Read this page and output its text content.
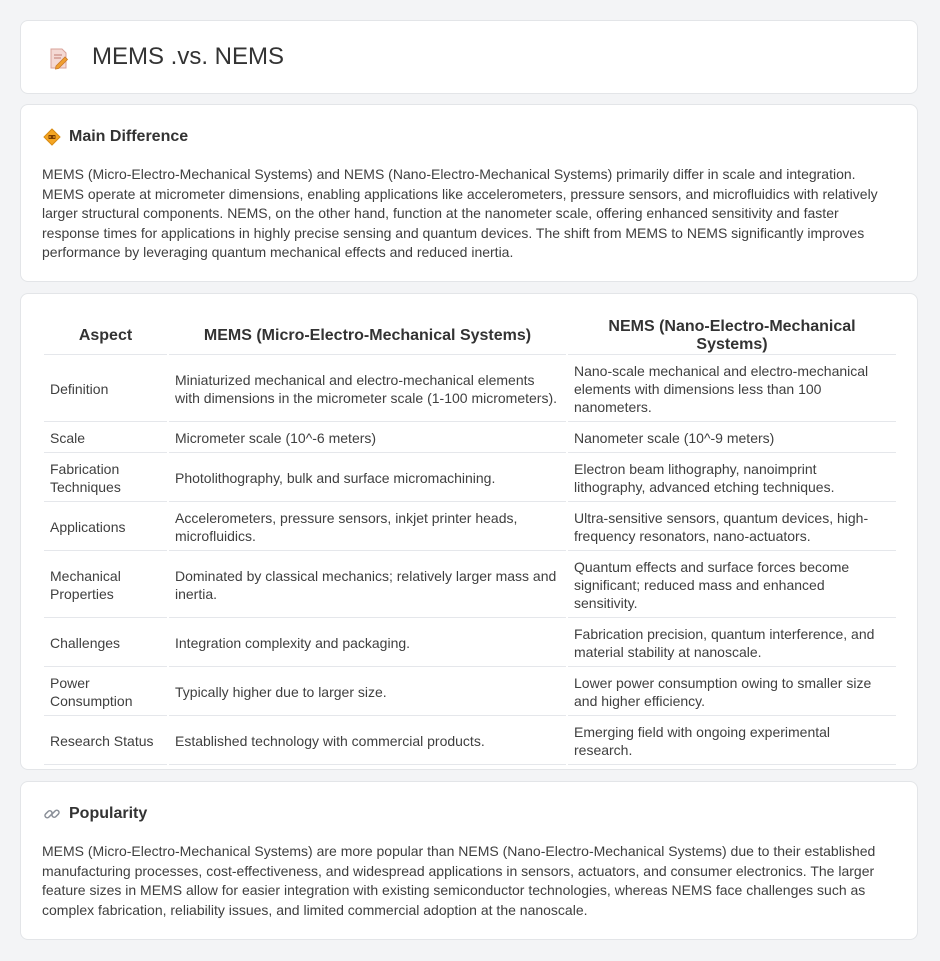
MEMS .vs. NEMS
Main Difference

MEMS (Micro-Electro-Mechanical Systems) and NEMS (Nano-Electro-Mechanical Systems) primarily differ in scale and integration. MEMS operate at micrometer dimensions, enabling applications like accelerometers, pressure sensors, and microfluidics with relatively larger structural components. NEMS, on the other hand, function at the nanometer scale, offering enhanced sensitivity and faster response times for applications in highly precise sensing and quantum devices. The shift from MEMS to NEMS significantly improves performance by leveraging quantum mechanical effects and reduced inertia.

Aspect	MEMS (Micro-Electro-Mechanical Systems)	NEMS (Nano-Electro-Mechanical Systems)
Definition	Miniaturized mechanical and electro-mechanical elements with dimensions in the micrometer scale (1-100 micrometers).	Nano-scale mechanical and electro-mechanical elements with dimensions less than 100 nanometers.
Scale	Micrometer scale (10^-6 meters)	Nanometer scale (10^-9 meters)
Fabrication Techniques	Photolithography, bulk and surface micromachining.	Electron beam lithography, nanoimprint lithography, advanced etching techniques.
Applications	Accelerometers, pressure sensors, inkjet printer heads, microfluidics.	Ultra-sensitive sensors, quantum devices, high-frequency resonators, nano-actuators.
Mechanical Properties	Dominated by classical mechanics; relatively larger mass and inertia.	Quantum effects and surface forces become significant; reduced mass and enhanced sensitivity.
Challenges	Integration complexity and packaging.	Fabrication precision, quantum interference, and material stability at nanoscale.
Power Consumption	Typically higher due to larger size.	Lower power consumption owing to smaller size and higher efficiency.
Research Status	Established technology with commercial products.	Emerging field with ongoing experimental research.
Popularity

MEMS (Micro-Electro-Mechanical Systems) are more popular than NEMS (Nano-Electro-Mechanical Systems) due to their established manufacturing processes, cost-effectiveness, and widespread applications in sensors, actuators, and consumer electronics. The larger feature sizes in MEMS allow for easier integration with existing semiconductor technologies, whereas NEMS face challenges such as complex fabrication, reliability issues, and limited commercial adoption at the nanoscale.
